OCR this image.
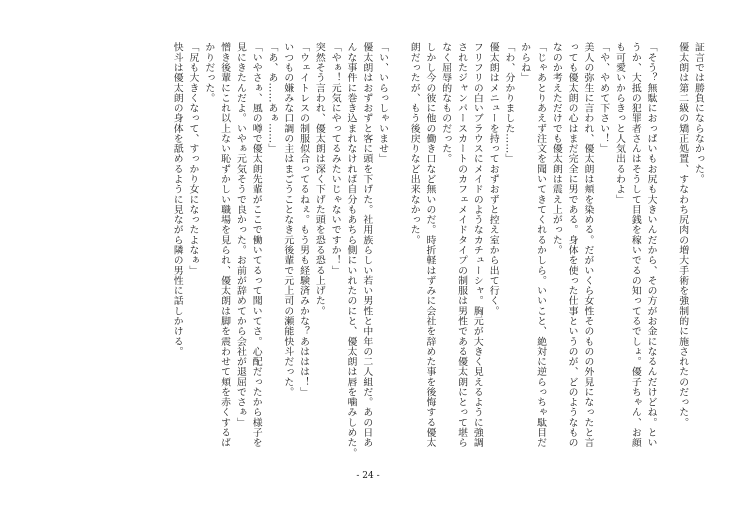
証言では勝負にならなかった。

優太朗は第二級の矯正処置、すなわち尻肉の増大手術を強制的に施されたのだった。

「そう？無駄におっぱいもお尻も大きいんだから、その方がお金になるんだけどね。とい

うか、大抵の犯罪者さんはそうして目銭を稼いでるの知ってるでしょ。優子ちゃん、お顔

も可愛いからきっと人気出るわよ」

「や、やめて下さい！」

美人の弥生に言われ、優太朗は頬を染める。だがいくら女性そのものの外見になったと言

っても優太朗の心はまだ完全に男である。身体を使った仕事というのが、どのようなもの

なのか考えただけでも優太朗は震え上がった。

「じゃあとりあえず注文を聞いてきてくれるかしら。いいこと、絶対に逆らっちゃ駄目だ

からね」

「わ、分かりました……」

優太朗はメニューを持っておずおずと控え室から出て行く。

フリフリの白いブラウスにメイドのようなカチューシャ。胸元が大きく見えるように強調

されたジャンパースカートのカフェメイドタイプの制服は男性である優太朗にとって堪ら

なく屈辱的なものだった。

しかし今の彼に他の働き口など無いのだ。時折軽はずみに会社を辞めた事を後悔する優太

朗だったが、もう後戻りなど出来なかった。

「い、いらっしゃいませ」

優太朗はおずおずと客に頭を下げた。社用族らしい若い男性と中年の二人組だ。あの日あ

んな事件に巻き込まれなければ自分もあちら側にいれたのにと、優太朗は唇を噛みしめた。

「やぁ！元気にやってるみたいじゃないですか！」

突然そう言われ、優太朗は深く下げた頭を恐る恐る上げた。

「ウェイトレスの制服似合ってるねぇ。もう男も経験済みかな？あははは！」

いつもの嫌みな口調の主はまごうことなき元後輩で元上司の瀬能快斗だった。

「あ、あ……あぁ……」

「いやさぁ、風の噂で優太朗先輩がここで働いてるって聞いてさ。心配だったから様子を

見にきたんだよ。いやぁ元気そうで良かった。お前が辞めてから会社が退屈でさぁ」

憎き後輩にこれ以上ない恥ずかしい職場を見られ、優太朗は脚を震わせて頬を赤くするば

かりだった。

「尻も大きくなって、すっかり女になったよなぁ」

快斗は優太朗の身体を舐めるように見ながら隣の男性に話しかける。

- 24 -
